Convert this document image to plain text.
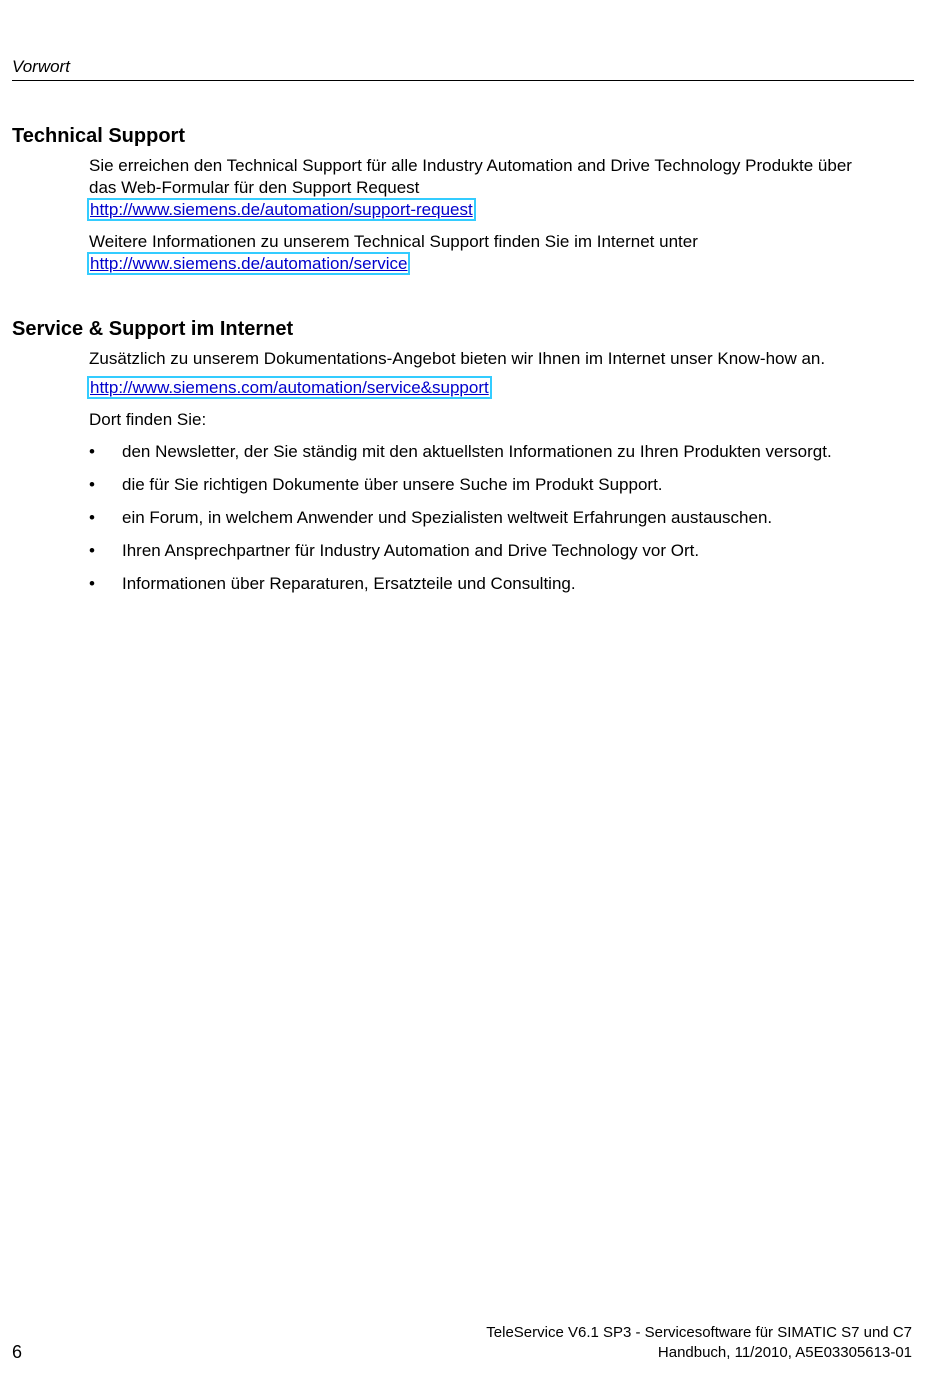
Vorwort
Technical Support

Sie erreichen den Technical Support für alle Industry Automation and Drive Technology Produkte über
das Web-Formular für den Support Request
http://www.siemens.de/automation/support-request

Weitere Informationen zu unserem Technical Support finden Sie im Internet unter
http://www.siemens.de/automation/service

Service & Support im Internet

Zusätzlich zu unserem Dokumentations-Angebot bieten wir Ihnen im Internet unser Know-how an.

http://www.siemens.com/automation/service&support

Dort finden Sie:

•	den Newsletter, der Sie ständig mit den aktuellsten Informationen zu Ihren Produkten versorgt.
•	die für Sie richtigen Dokumente über unsere Suche im Produkt Support.
•	ein Forum, in welchem Anwender und Spezialisten weltweit Erfahrungen austauschen.
•	Ihren Ansprechpartner für Industry Automation and Drive Technology vor Ort.
•	Informationen über Reparaturen, Ersatzteile und Consulting.
TeleService V6.1 SP3 - Servicesoftware für SIMATIC S7 und C7
Handbuch, 11/2010, A5E03305613-01
6
